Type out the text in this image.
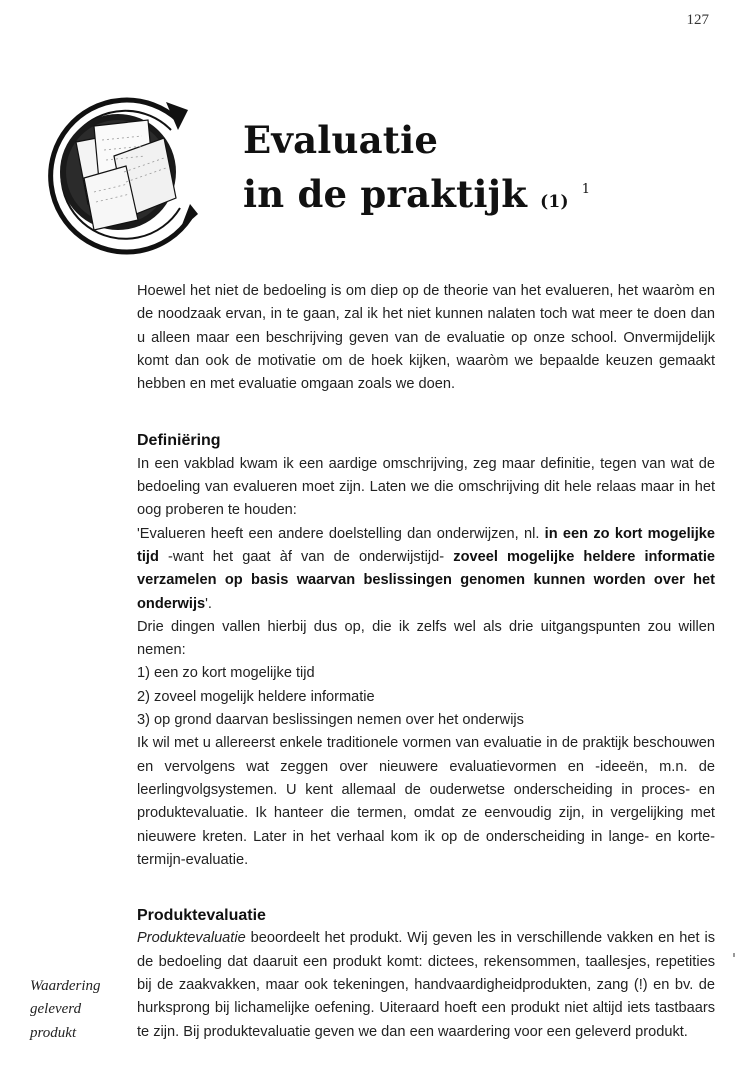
127
Evaluatie
in de praktijk (1) $^1$

Hoewel het niet de bedoeling is om diep op de theorie van het evalueren, het waaròm en de noodzaak ervan, in te gaan, zal ik het niet kunnen nalaten toch wat meer te doen dan u alleen maar een beschrijving geven van de evaluatie op onze school. Onvermijdelijk komt dan ook de motivatie om de hoek kijken, waaròm we bepaalde keuzen gemaakt hebben en met evaluatie omgaan zoals we doen.

Definiëring

In een vakblad kwam ik een aardige omschrijving, zeg maar definitie, tegen van wat de bedoeling van evalueren moet zijn. Laten we die omschrijving dit hele relaas maar in het oog proberen te houden:

'Evalueren heeft een andere doelstelling dan onderwijzen, nl. in een zo kort mogelijke tijd -want het gaat àf van de onderwijstijd- zoveel mogelijke heldere informatie verzamelen op basis waarvan beslissingen genomen kunnen worden over het onderwijs'.

Drie dingen vallen hierbij dus op, die ik zelfs wel als drie uitgangspunten zou willen nemen:

1) een zo kort mogelijke tijd

2) zoveel mogelijk heldere informatie

3) op grond daarvan beslissingen nemen over het onderwijs

Ik wil met u allereerst enkele traditionele vormen van evaluatie in de praktijk beschouwen en vervolgens wat zeggen over nieuwere evaluatievormen en -ideeën, m.n. de leerlingvolgsystemen. U kent allemaal de ouderwetse onderscheiding in proces- en produktevaluatie. Ik hanteer die termen, omdat ze eenvoudig zijn, in vergelijking met nieuwere kreten. Later in het verhaal kom ik op de onderscheiding in lange- en korte-termijn-evaluatie.

Produktevaluatie

Produktevaluatie beoordeelt het produkt. Wij geven les in verschillende vakken en het is de bedoeling dat daaruit een produkt komt: dictees, rekensommen, taallesjes, repetities bij de zaakvakken, maar ook tekeningen, handvaardigheidprodukten, zang (!) en bv. de hurksprong bij lichamelijke oefening. Uiteraard hoeft een produkt niet altijd iets tastbaars te zijn. Bij produktevaluatie geven we dan een waardering voor een geleverd produkt.

Waardering
geleverd
produkt
